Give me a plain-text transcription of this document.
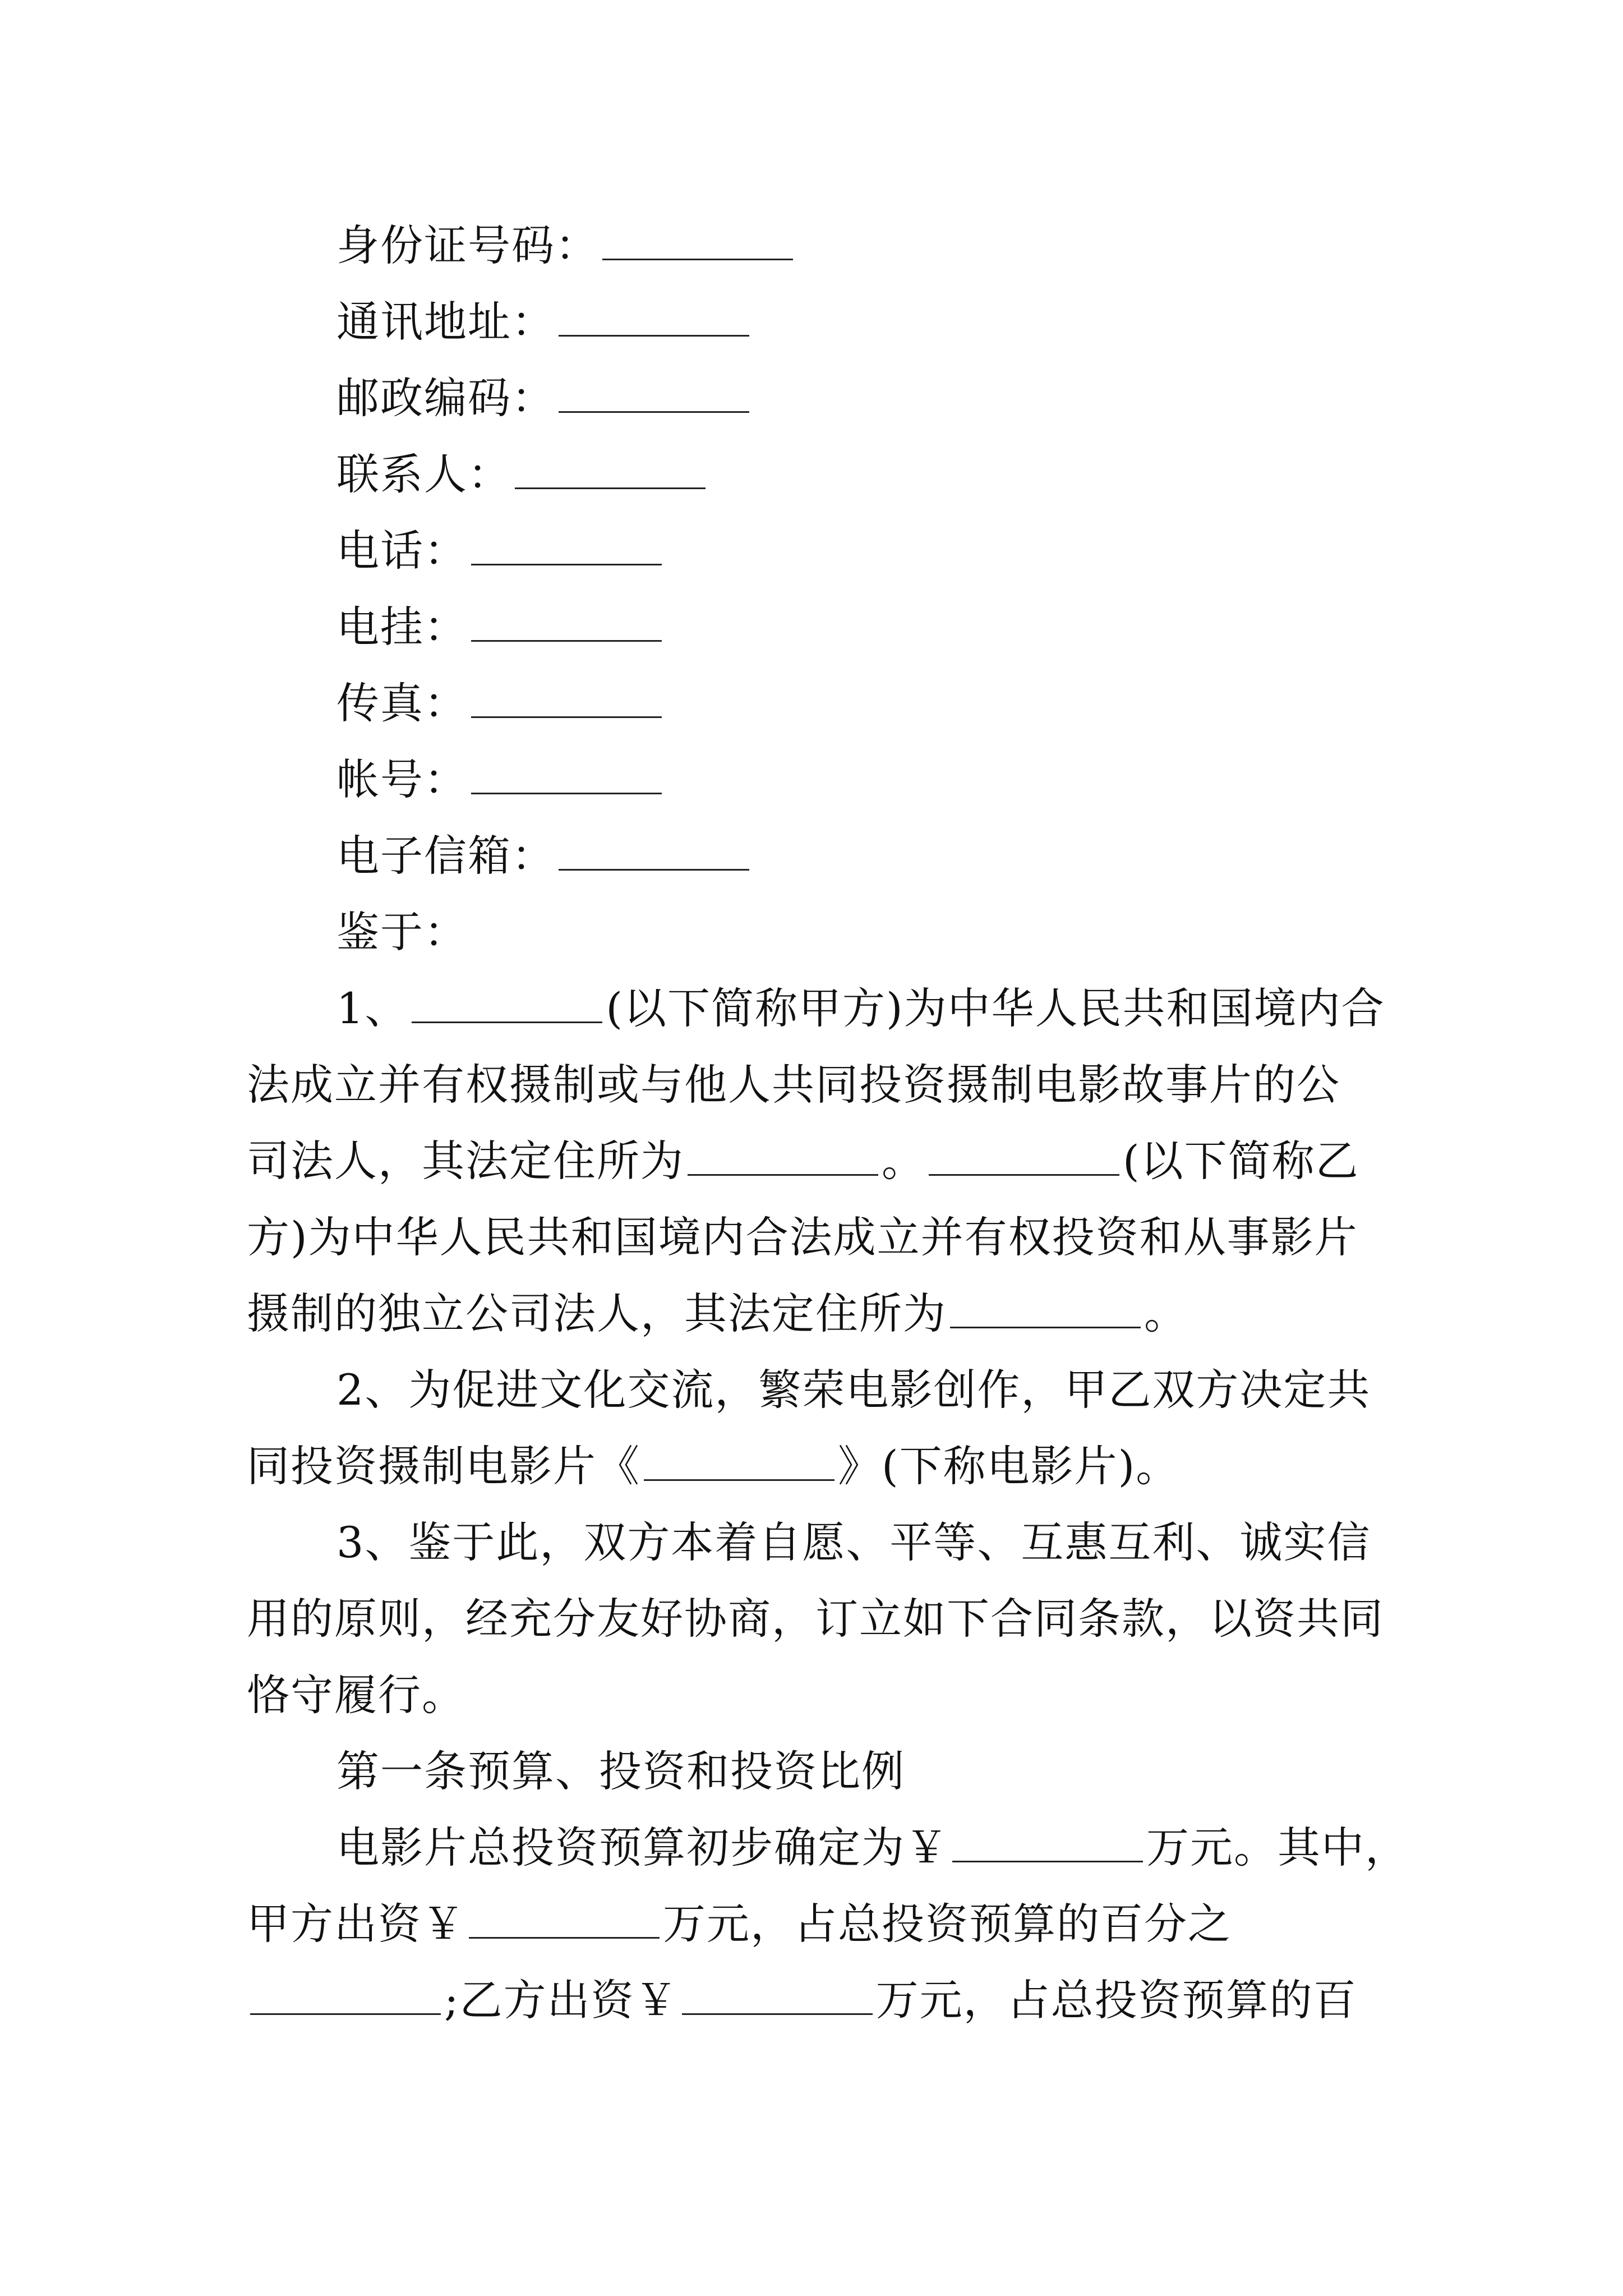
身份证号码：
通讯地址：
邮政编码：
联系人：
电话：
电挂：
传真：
帐号：
电子信箱：
鉴于：
1、	(以下简称甲方)为中华人民共和国境内合
法成立并有权摄制或与他人共同投资摄制电影故事片的公
司法人，其法定住所为	。	(以下简称乙
方)为中华人民共和国境内合法成立并有权投资和从事影片
摄制的独立公司法人，其法定住所为	。
2、为促进文化交流，繁荣电影创作，甲乙双方决定共
同投资摄制电影片《	》(下称电影片)。
3、鉴于此，双方本着自愿、平等、互惠互利、诚实信
用的原则，经充分友好协商，订立如下合同条款，以资共同
恪守履行。
第一条预算、投资和投资比例
电影片总投资预算初步确定为￥	万元。其中，
甲方出资￥	万元，占总投资预算的百分之
;乙方出资￥	万元，占总投资预算的百
